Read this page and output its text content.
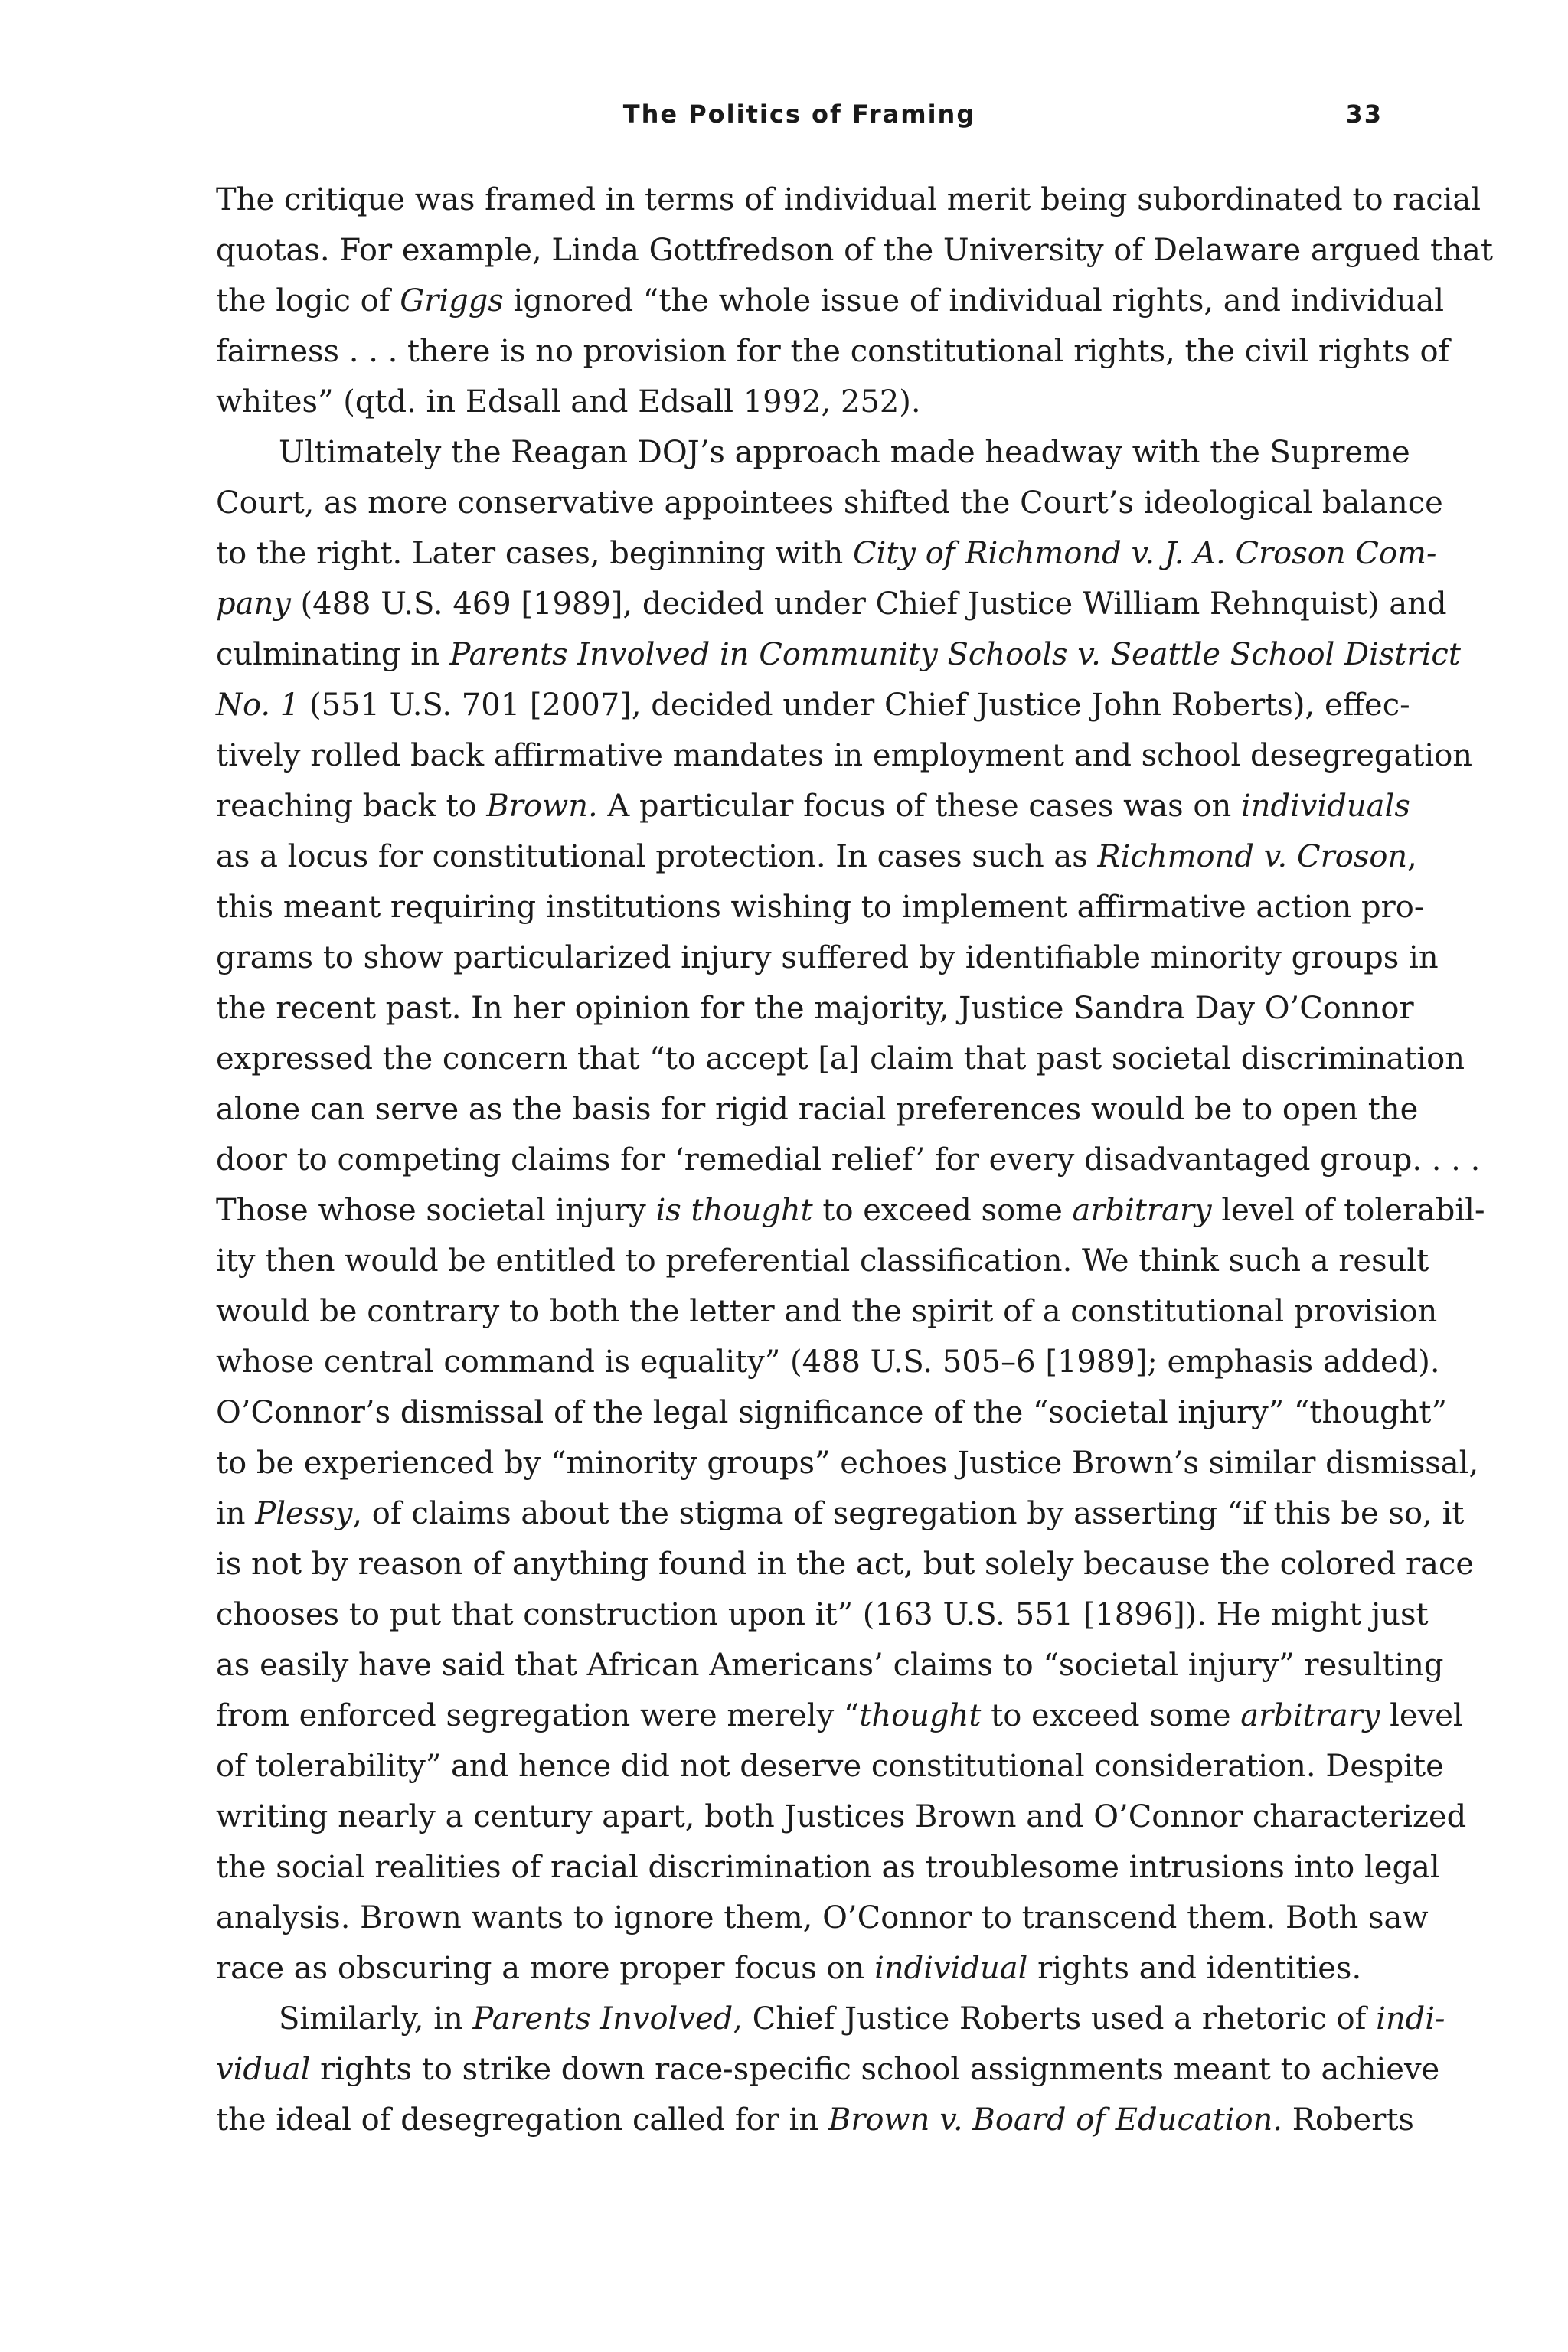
The Politics of Framing	33
The critique was framed in terms of individual merit being subordinated to racial
quotas. For example, Linda Gottfredson of the University of Delaware argued that
the logic of Griggs ignored “the whole issue of individual rights, and individual
fairness . . . there is no provision for the constitutional rights, the civil rights of
whites” (qtd. in Edsall and Edsall 1992, 252).
Ultimately the Reagan DOJ’s approach made headway with the Supreme
Court, as more conservative appointees shifted the Court’s ideological balance
to the right. Later cases, beginning with City of Richmond v. J. A. Croson Com-
pany (488 U.S. 469 [1989], decided under Chief Justice William Rehnquist) and
culminating in Parents Involved in Community Schools v. Seattle School District
No. 1 (551 U.S. 701 [2007], decided under Chief Justice John Roberts), effec-
tively rolled back affirmative mandates in employment and school desegregation
reaching back to Brown. A particular focus of these cases was on individuals
as a locus for constitutional protection. In cases such as Richmond v. Croson,
this meant requiring institutions wishing to implement affirmative action pro-
grams to show particularized injury suffered by identifiable minority groups in
the recent past. In her opinion for the majority, Justice Sandra Day O’Connor
expressed the concern that “to accept [a] claim that past societal discrimination
alone can serve as the basis for rigid racial preferences would be to open the
door to competing claims for ‘remedial relief’ for every disadvantaged group. . . .
Those whose societal injury is thought to exceed some arbitrary level of tolerabil-
ity then would be entitled to preferential classification. We think such a result
would be contrary to both the letter and the spirit of a constitutional provision
whose central command is equality” (488 U.S. 505–6 [1989]; emphasis added).
O’Connor’s dismissal of the legal significance of the “societal injury” “thought”
to be experienced by “minority groups” echoes Justice Brown’s similar dismissal,
in Plessy, of claims about the stigma of segregation by asserting “if this be so, it
is not by reason of anything found in the act, but solely because the colored race
chooses to put that construction upon it” (163 U.S. 551 [1896]). He might just
as easily have said that African Americans’ claims to “societal injury” resulting
from enforced segregation were merely “thought to exceed some arbitrary level
of tolerability” and hence did not deserve constitutional consideration. Despite
writing nearly a century apart, both Justices Brown and O’Connor characterized
the social realities of racial discrimination as troublesome intrusions into legal
analysis. Brown wants to ignore them, O’Connor to transcend them. Both saw
race as obscuring a more proper focus on individual rights and identities.
Similarly, in Parents Involved, Chief Justice Roberts used a rhetoric of indi-
vidual rights to strike down race-specific school assignments meant to achieve
the ideal of desegregation called for in Brown v. Board of Education. Roberts
